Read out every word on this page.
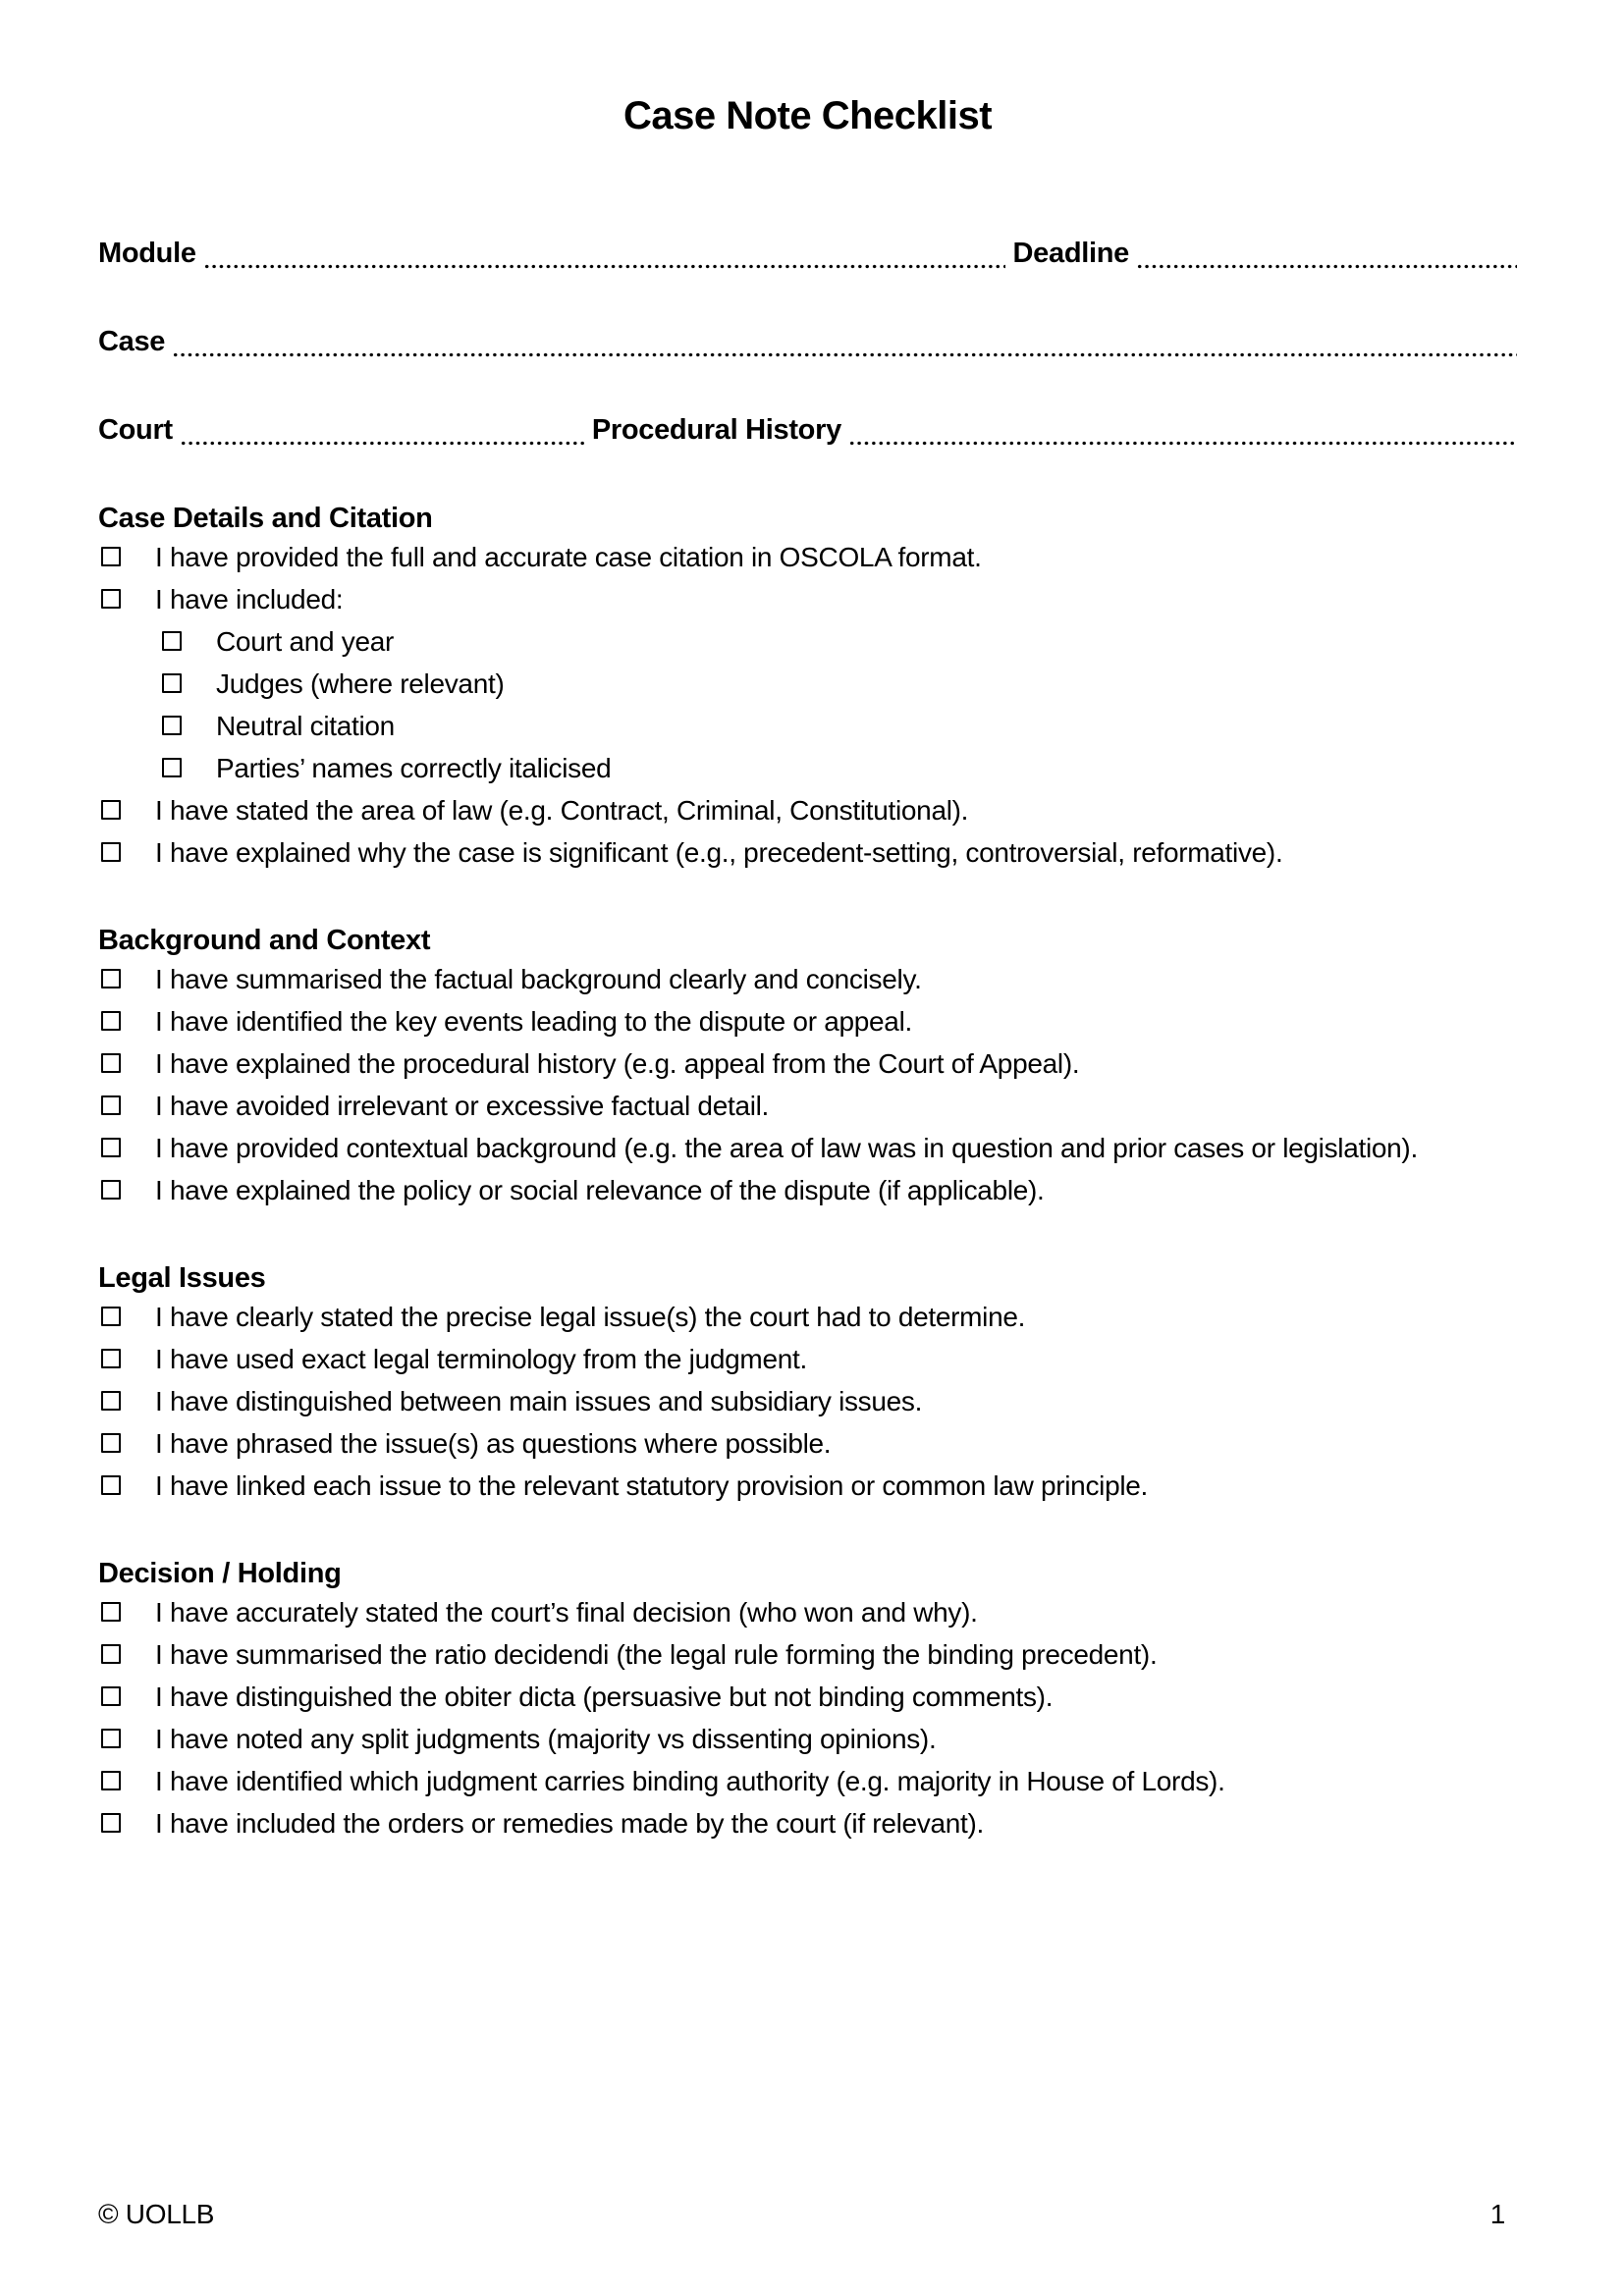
Case Note Checklist
Module	Deadline
Case
Court	Procedural History
Case Details and Citation
I have provided the full and accurate case citation in OSCOLA format.
I have included:
Court and year
Judges (where relevant)
Neutral citation
Parties’ names correctly italicised
I have stated the area of law (e.g. Contract, Criminal, Constitutional).
I have explained why the case is significant (e.g., precedent-setting, controversial, reformative).
Background and Context
I have summarised the factual background clearly and concisely.
I have identified the key events leading to the dispute or appeal.
I have explained the procedural history (e.g. appeal from the Court of Appeal).
I have avoided irrelevant or excessive factual detail.
I have provided contextual background (e.g. the area of law was in question and prior cases or legislation).
I have explained the policy or social relevance of the dispute (if applicable).
Legal Issues
I have clearly stated the precise legal issue(s) the court had to determine.
I have used exact legal terminology from the judgment.
I have distinguished between main issues and subsidiary issues.
I have phrased the issue(s) as questions where possible.
I have linked each issue to the relevant statutory provision or common law principle.
Decision / Holding
I have accurately stated the court’s final decision (who won and why).
I have summarised the ratio decidendi (the legal rule forming the binding precedent).
I have distinguished the obiter dicta (persuasive but not binding comments).
I have noted any split judgments (majority vs dissenting opinions).
I have identified which judgment carries binding authority (e.g. majority in House of Lords).
I have included the orders or remedies made by the court (if relevant).
© UOLLB	1
